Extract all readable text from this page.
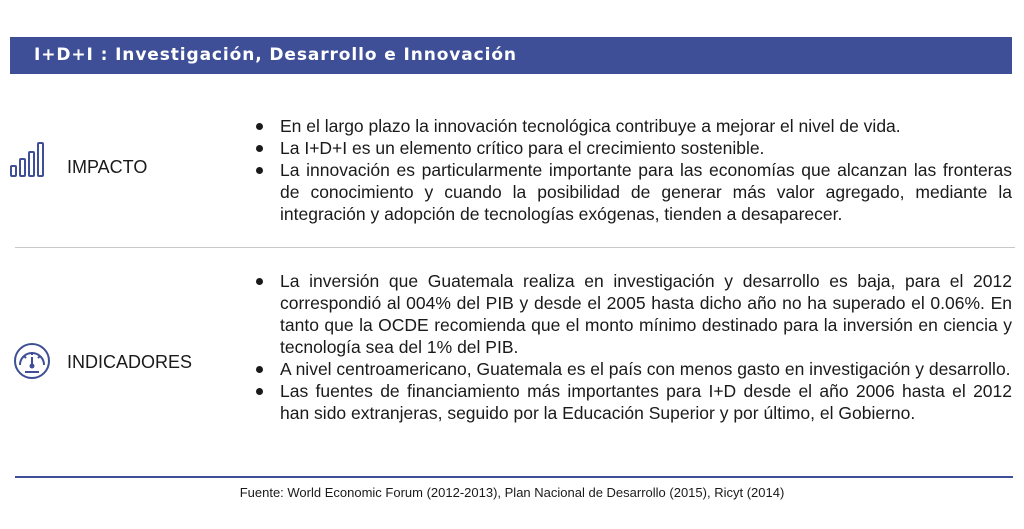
I+D+I : Investigación, Desarrollo e Innovación
IMPACTO
En el largo plazo la innovación tecnológica contribuye a mejorar el nivel de vida.
La I+D+I es un elemento crítico para el crecimiento sostenible.
La innovación es particularmente importante para las economías que alcanzan las fronteras de conocimiento y cuando la posibilidad de generar más valor agregado, mediante la integración y adopción de tecnologías exógenas, tienden a desaparecer.
INDICADORES
La inversión que Guatemala realiza en investigación y desarrollo es baja, para el 2012 correspondió al 004% del PIB y desde el 2005 hasta dicho año no ha superado el 0.06%. En tanto que la OCDE recomienda que el monto mínimo destinado para la inversión en ciencia y tecnología sea del 1% del PIB.
A nivel centroamericano, Guatemala es el país con menos gasto en investigación y desarrollo.
Las fuentes de financiamiento más importantes para I+D desde el año 2006 hasta el 2012 han sido extranjeras, seguido por la Educación Superior y por último, el Gobierno.
Fuente: World Economic Forum (2012-2013), Plan Nacional de Desarrollo (2015), Ricyt (2014)
